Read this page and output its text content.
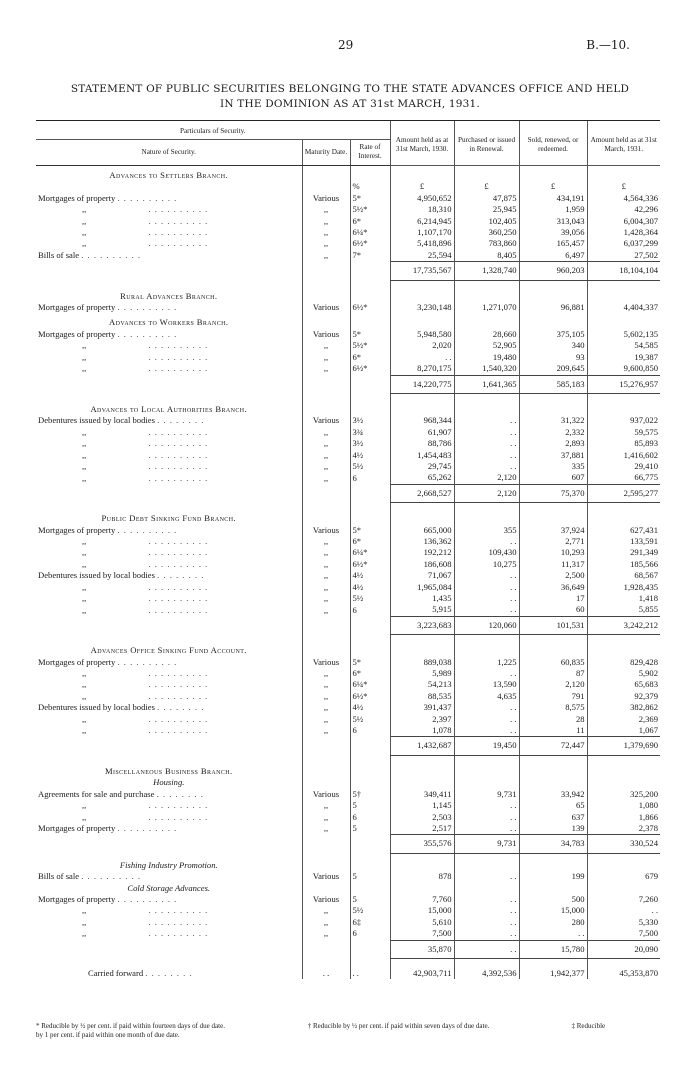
29	B.—10.
STATEMENT OF PUBLIC SECURITIES BELONGING TO THE STATE ADVANCES OFFICE AND HELD
IN THE DOMINION AS AT 31st MARCH, 1931.
Particulars of Security.			Amount held as at 31st March, 1930.	Purchased or issued in Renewal.	Sold, renewed, or redeemed.	Amount held as at 31st March, 1931.
Nature of Security.	Maturity Date.	Rate of Interest.				
Advances to Settlers Branch.						
		%	£	£	£	£
Mortgages of property . . . . . . . . . .	Various	5*	4,950,652	47,875	434,191	4,564,336
,, . . . . . . . . . .	,,	5½*	18,310	25,945	1,959	42,296
,, . . . . . . . . . .	,,	6*	6,214,945	102,405	313,043	6,004,307
,, . . . . . . . . . .	,,	6¼*	1,107,170	360,250	39,056	1,428,364
,, . . . . . . . . . .	,,	6½*	5,418,896	783,860	165,457	6,037,299
Bills of sale . . . . . . . . . .	,,	7*	25,594	8,405	6,497	27,502
			17,735,567	1,328,740	960,203	18,104,104

Rural Advances Branch.						
Mortgages of property . . . . . . . . . .	Various	6½*	3,230,148	1,271,070	96,881	4,404,337
Advances to Workers Branch.						
Mortgages of property . . . . . . . . . .	Various	5*	5,948,580	28,660	375,105	5,602,135
,, . . . . . . . . . .	,,	5½*	2,020	52,905	340	54,585
,, . . . . . . . . . .	,,	6*	. .	19,480	93	19,387
,, . . . . . . . . . .	,,	6½*	8,270,175	1,540,320	209,645	9,600,850
			14,220,775	1,641,365	585,183	15,276,957

Advances to Local Authorities Branch.						
Debentures issued by local bodies . . . . . . . .	Various	3½	968,344	. .	31,322	937,022
,, . . . . . . . . . .	,,	3¾	61,907	. .	2,332	59,575
,, . . . . . . . . . .	,,	3½	88,786	. .	2,893	85,893
,, . . . . . . . . . .	,,	4½	1,454,483	. .	37,881	1,416,602
,, . . . . . . . . . .	,,	5½	29,745	. .	335	29,410
,, . . . . . . . . . .	,,	6	65,262	2,120	607	66,775
			2,668,527	2,120	75,370	2,595,277

Public Debt Sinking Fund Branch.						
Mortgages of property . . . . . . . . . .	Various	5*	665,000	355	37,924	627,431
,, . . . . . . . . . .	,,	6*	136,362	. .	2,771	133,591
,, . . . . . . . . . .	,,	6¼*	192,212	109,430	10,293	291,349
,, . . . . . . . . . .	,,	6½*	186,608	10,275	11,317	185,566
Debentures issued by local bodies . . . . . . . .	,,	4½	71,067	. .	2,500	68,567
,, . . . . . . . . . .	,,	4½	1,965,084	. .	36,649	1,928,435
,, . . . . . . . . . .	,,	5½	1,435	. .	17	1,418
,, . . . . . . . . . .	,,	6	5,915	. .	60	5,855
			3,223,683	120,060	101,531	3,242,212

Advances Office Sinking Fund Account.						
Mortgages of property . . . . . . . . . .	Various	5*	889,038	1,225	60,835	829,428
,, . . . . . . . . . .	,,	6*	5,989	. .	87	5,902
,, . . . . . . . . . .	,,	6¼*	54,213	13,590	2,120	65,683
,, . . . . . . . . . .	,,	6½*	88,535	4,635	791	92,379
Debentures issued by local bodies . . . . . . . .	,,	4½	391,437	. .	8,575	382,862
,, . . . . . . . . . .	,,	5½	2,397	. .	28	2,369
,, . . . . . . . . . .	,,	6	1,078	. .	11	1,067
			1,432,687	19,450	72,447	1,379,690

Miscellaneous Business Branch.						
Housing.						
Agreements for sale and purchase . . . . . . . .	Various	5†	349,411	9,731	33,942	325,200
,, . . . . . . . . . .	,,	5	1,145	. .	65	1,080
,, . . . . . . . . . .	,,	6	2,503	. .	637	1,866
Mortgages of property . . . . . . . . . .	,,	5	2,517	. .	139	2,378
			355,576	9,731	34,783	330,524

Fishing Industry Promotion.						
Bills of sale . . . . . . . . . .	Various	5	878	. .	199	679
Cold Storage Advances.						
Mortgages of property . . . . . . . . . .	Various	5	7,760	. .	500	7,260
,, . . . . . . . . . .	,,	5½	15,000	. .	15,000	. .
,, . . . . . . . . . .	,,	6‡	5,610	. .	280	5,330
,, . . . . . . . . . .	,,	6	7,500	. .	. .	7,500
			35,870	. .	15,780	20,090

Carried forward . . . . . . . .	. .	. .	42,903,711	4,392,536	1,942,377	45,353,870
* Reducible by ½ per cent. if paid within fourteen days of due date.	† Reducible by ½ per cent. if paid within seven days of due date.	‡ Reducible
by 1 per cent. if paid within one month of due date.
